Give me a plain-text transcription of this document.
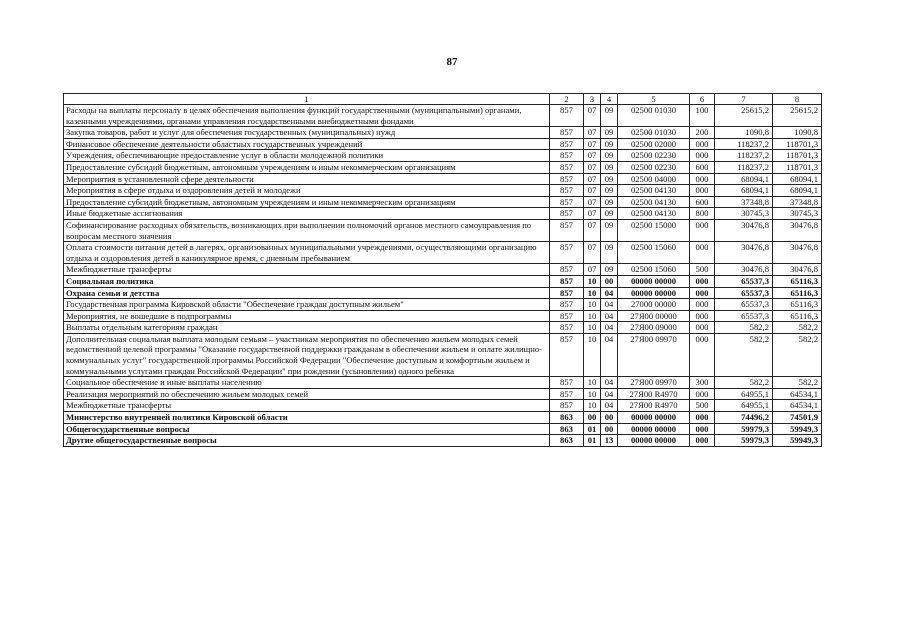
87
1	2	3	4	5	6	7	8
Расходы на выплаты персоналу в целях обеспечения выполнения функций государственными (муниципальными) органами, казенными учреждениями, органами управления государственными внебюджетными фондами	857	07	09	02500 01030	100	25615,2	25615,2
Закупка товаров, работ и услуг для обеспечения государственных (муниципальных) нужд	857	07	09	02500 01030	200	1090,8	1090,8
Финансовое обеспечение деятельности областных государственных учреждений	857	07	09	02500 02000	000	118237,2	118701,3
Учреждения, обеспечивающие предоставление услуг в области молодежной политики	857	07	09	02500 02230	000	118237,2	118701,3
Предоставление субсидий бюджетным, автономным учреждениям и иным некоммерческим организациям	857	07	09	02500 02230	600	118237,2	118701,3
Мероприятия в установленной сфере деятельности	857	07	09	02500 04000	000	68094,1	68094,1
Мероприятия в сфере отдыха и оздоровления детей и молодежи	857	07	09	02500 04130	000	68094,1	68094,1
Предоставление субсидий бюджетным, автономным учреждениям и иным некоммерческим организациям	857	07	09	02500 04130	600	37348,8	37348,8
Иные бюджетные ассигнования	857	07	09	02500 04130	800	30745,3	30745,3
Софинансирование расходных обязательств, возникающих при выполнении полномочий органов местного самоуправления по вопросам местного значения	857	07	09	02500 15000	000	30476,8	30476,8
Оплата стоимости питания детей в лагерях, организованных муниципальными учреждениями, осуществляющими организацию отдыха и оздоровления детей в каникулярное время, с дневным пребыванием	857	07	09	02500 15060	000	30476,8	30476,8
Межбюджетные трансферты	857	07	09	02500 15060	500	30476,8	30476,8
Социальная политика	857	10	00	00000 00000	000	65537,3	65116,3
Охрана семьи и детства	857	10	04	00000 00000	000	65537,3	65116,3
Государственная программа Кировской области "Обеспечение граждан доступным жильем"	857	10	04	27000 00000	000	65537,3	65116,3
Мероприятия, не вошедшие в подпрограммы	857	10	04	27Я00 00000	000	65537,3	65116,3
Выплаты отдельным категориям граждан	857	10	04	27Я00 09000	000	582,2	582,2
Дополнительная социальная выплата молодым семьям – участникам мероприятия по обеспечению жильем молодых семей ведомственной целевой программы "Оказание государственной поддержки гражданам в обеспечении жильем и оплате жилищно-коммунальных услуг" государственной программы Российской Федерации "Обеспечение доступным и комфортным жильем и коммунальными услугами граждан Российской Федерации" при рождении (усыновлении) одного ребенка	857	10	04	27Я00 09970	000	582,2	582,2
Социальное обеспечение и иные выплаты населению	857	10	04	27Я00 09970	300	582,2	582,2
Реализация мероприятий по обеспечению жильем молодых семей	857	10	04	27Я00 R4970	000	64955,1	64534,1
Межбюджетные трансферты	857	10	04	27Я00 R4970	500	64955,1	64534,1
Министерство внутренней политики Кировской области	863	00	00	00000 00000	000	74496,2	74501,9
Общегосударственные вопросы	863	01	00	00000 00000	000	59979,3	59949,3
Другие общегосударственные вопросы	863	01	13	00000 00000	000	59979,3	59949,3
